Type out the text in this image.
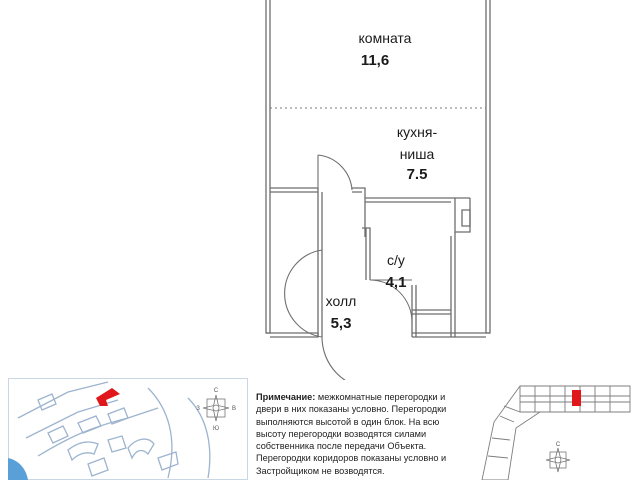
комната
11,6
кухня-
ниша
7.5
с/у
4,1
холл
5,3
С
Ю
З	В
Примечание: межкомнатные перегородки и двери в них показаны условно. Перегородки выполняются высотой в один блок. На всю высоту перегородки возводятся силами собственника после передачи Объекта. Перегородки коридоров показаны условно и Застройщиком не возводятся.
С
